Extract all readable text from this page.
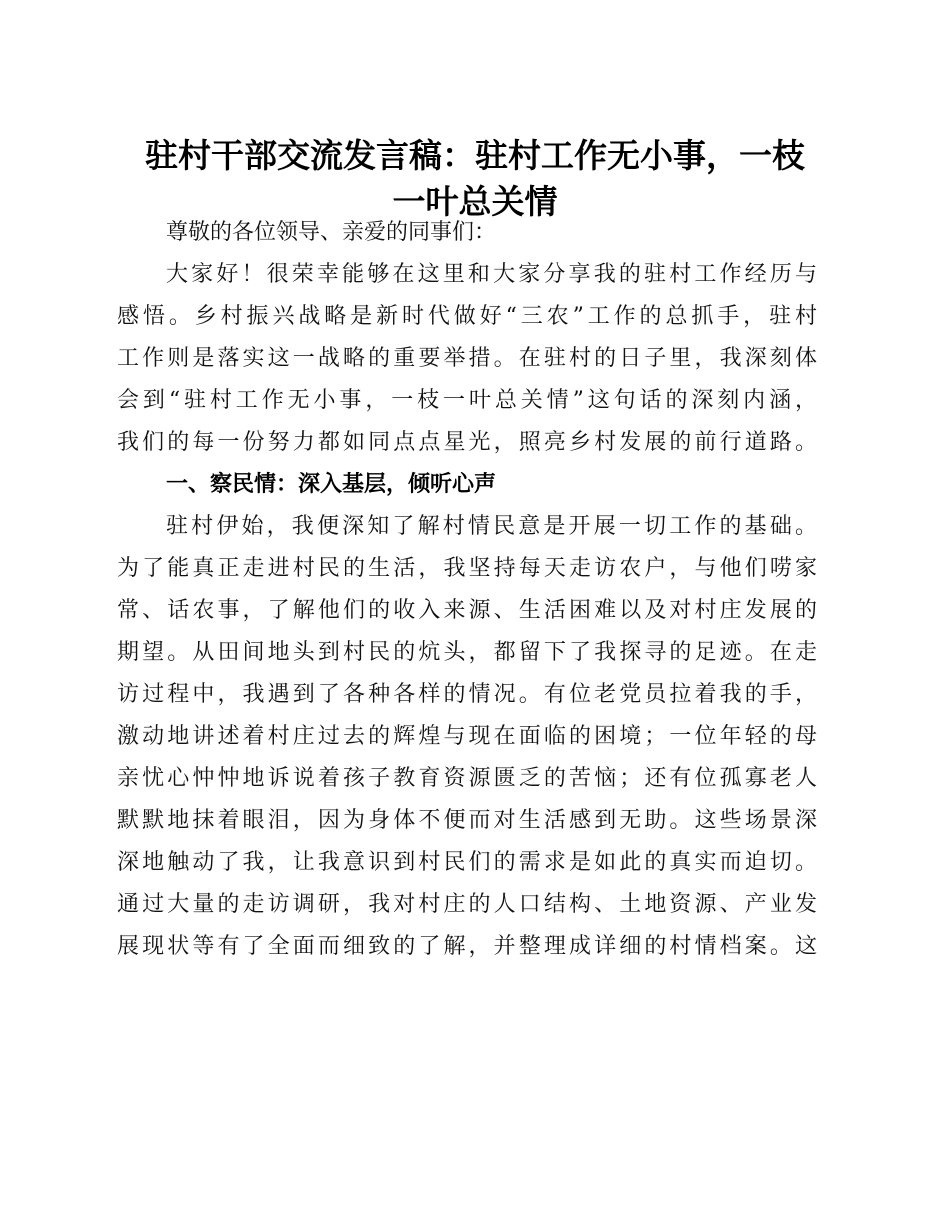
驻村干部交流发言稿：驻村工作无小事，一枝
一叶总关情

尊敬的各位领导、亲爱的同事们：

大家好！很荣幸能够在这里和大家分享我的驻村工作经历与

感悟。乡村振兴战略是新时代做好“三农”工作的总抓手，驻村

工作则是落实这一战略的重要举措。在驻村的日子里，我深刻体

会到“驻村工作无小事，一枝一叶总关情”这句话的深刻内涵，

我们的每一份努力都如同点点星光，照亮乡村发展的前行道路。

一、察民情：深入基层，倾听心声

驻村伊始，我便深知了解村情民意是开展一切工作的基础。

为了能真正走进村民的生活，我坚持每天走访农户，与他们唠家

常、话农事，了解他们的收入来源、生活困难以及对村庄发展的

期望。从田间地头到村民的炕头，都留下了我探寻的足迹。在走

访过程中，我遇到了各种各样的情况。有位老党员拉着我的手，

激动地讲述着村庄过去的辉煌与现在面临的困境；一位年轻的母

亲忧心忡忡地诉说着孩子教育资源匮乏的苦恼；还有位孤寡老人

默默地抹着眼泪，因为身体不便而对生活感到无助。这些场景深

深地触动了我，让我意识到村民们的需求是如此的真实而迫切。

通过大量的走访调研，我对村庄的人口结构、土地资源、产业发

展现状等有了全面而细致的了解，并整理成详细的村情档案。这
